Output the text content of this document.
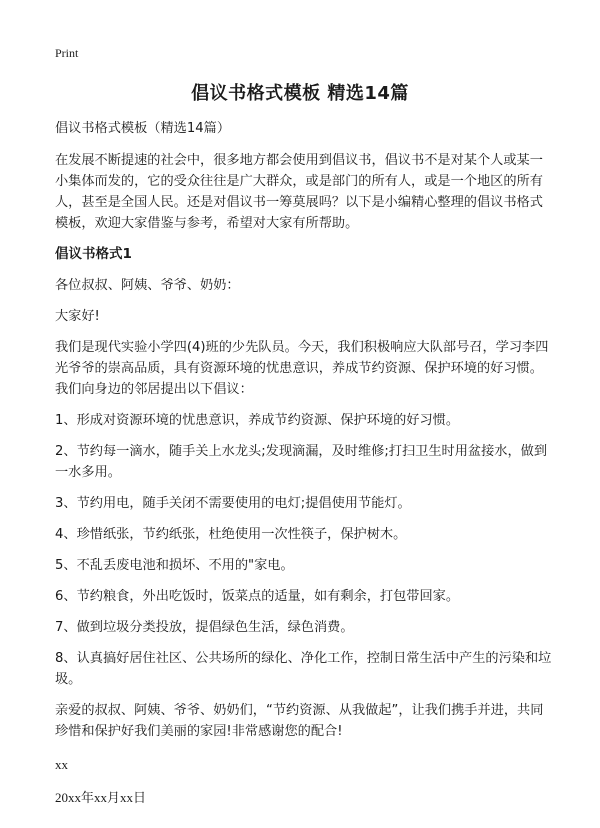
Print
倡议书格式模板 精选14篇

倡议书格式模板（精选14篇）

在发展不断提速的社会中，很多地方都会使用到倡议书，倡议书不是对某个人或某一小集体而发的，它的受众往往是广大群众，或是部门的所有人，或是一个地区的所有人，甚至是全国人民。还是对倡议书一筹莫展吗？以下是小编精心整理的倡议书格式模板，欢迎大家借鉴与参考，希望对大家有所帮助。

倡议书格式1

各位叔叔、阿姨、爷爷、奶奶：

大家好!

我们是现代实验小学四(4)班的少先队员。今天，我们积极响应大队部号召，学习李四光爷爷的崇高品质，具有资源环境的忧患意识，养成节约资源、保护环境的好习惯。我们向身边的邻居提出以下倡议：

1、形成对资源环境的忧患意识，养成节约资源、保护环境的好习惯。

2、节约每一滴水，随手关上水龙头;发现滴漏，及时维修;打扫卫生时用盆接水，做到一水多用。

3、节约用电，随手关闭不需要使用的电灯;提倡使用节能灯。

4、珍惜纸张，节约纸张，杜绝使用一次性筷子，保护树木。

5、不乱丢废电池和损坏、不用的"家电。

6、节约粮食，外出吃饭时，饭菜点的适量，如有剩余，打包带回家。

7、做到垃圾分类投放，提倡绿色生活，绿色消费。

8、认真搞好居住社区、公共场所的绿化、净化工作，控制日常生活中产生的污染和垃圾。

亲爱的叔叔、阿姨、爷爷、奶奶们，“节约资源、从我做起”，让我们携手并进，共同珍惜和保护好我们美丽的家园!非常感谢您的配合!

xx

20xx年xx月xx日
